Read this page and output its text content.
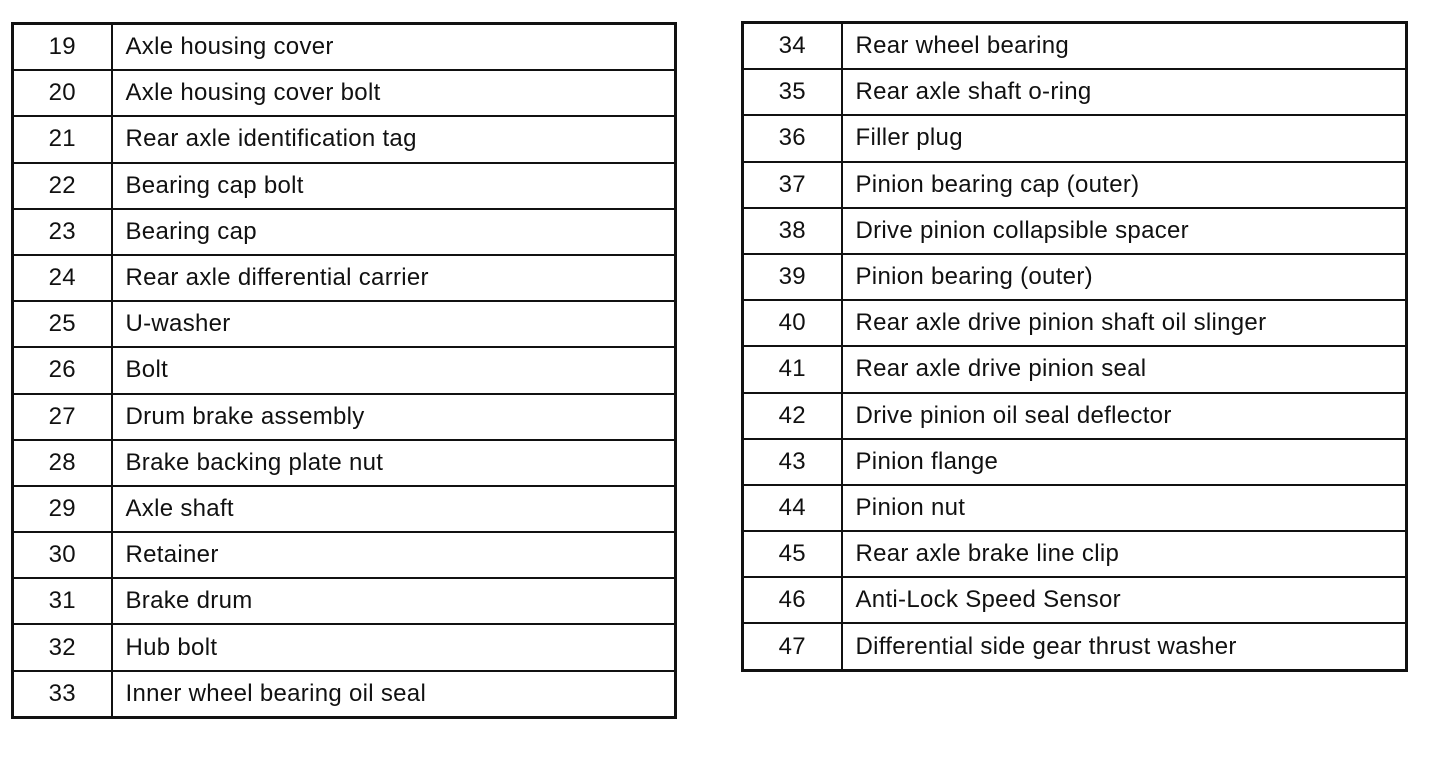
19	Axle housing cover
20	Axle housing cover bolt
21	Rear axle identification tag
22	Bearing cap bolt
23	Bearing cap
24	Rear axle differential carrier
25	U-washer
26	Bolt
27	Drum brake assembly
28	Brake backing plate nut
29	Axle shaft
30	Retainer
31	Brake drum
32	Hub bolt
33	Inner wheel bearing oil seal
34	Rear wheel bearing
35	Rear axle shaft o-ring
36	Filler plug
37	Pinion bearing cap (outer)
38	Drive pinion collapsible spacer
39	Pinion bearing (outer)
40	Rear axle drive pinion shaft oil slinger
41	Rear axle drive pinion seal
42	Drive pinion oil seal deflector
43	Pinion flange
44	Pinion nut
45	Rear axle brake line clip
46	Anti-Lock Speed Sensor
47	Differential side gear thrust washer
